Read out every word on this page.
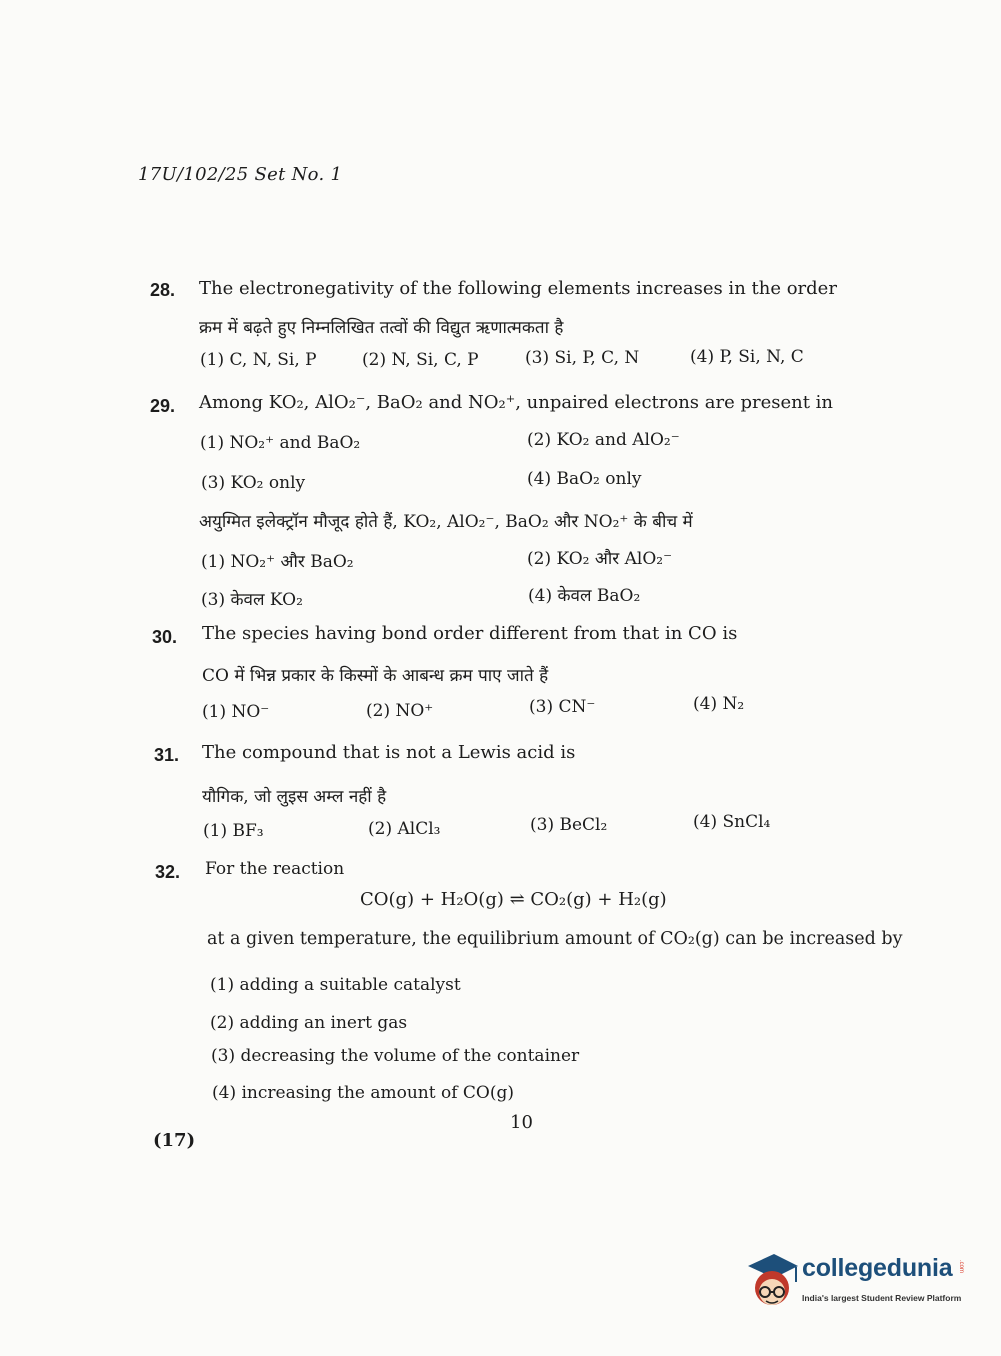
17U/102/25 Set No. 1
28. The electronegativity of the following elements increases in the order
क्रम में बढ़ते हुए निम्नलिखित तत्वों की विद्युत ऋणात्मकता है
(1) C, N, Si, P	(2) N, Si, C, P	(3) Si, P, C, N	(4) P, Si, N, C
29. Among KO₂, AlO₂⁻, BaO₂ and NO₂⁺, unpaired electrons are present in
(1) NO₂⁺ and BaO₂	(2) KO₂ and AlO₂⁻
(3) KO₂ only	(4) BaO₂ only
अयुग्मित इलेक्ट्रॉन मौजूद होते हैं, KO₂, AlO₂⁻, BaO₂ और NO₂⁺ के बीच में
(1) NO₂⁺ और BaO₂	(2) KO₂ और AlO₂⁻
(3) केवल KO₂	(4) केवल BaO₂
30. The species having bond order different from that in CO is
CO में भिन्न प्रकार के किस्मों के आबन्ध क्रम पाए जाते हैं
(1) NO⁻	(2) NO⁺	(3) CN⁻	(4) N₂
31. The compound that is not a Lewis acid is
यौगिक, जो लुइस अम्ल नहीं है
(1) BF₃	(2) AlCl₃	(3) BeCl₂	(4) SnCl₄
32. For the reaction
CO(g) + H₂O(g) ⇌ CO₂(g) + H₂(g)
at a given temperature, the equilibrium amount of CO₂(g) can be increased by
(1) adding a suitable catalyst
(2) adding an inert gas
(3) decreasing the volume of the container
(4) increasing the amount of CO(g)
10
(17)
collegedunia .com
India's largest Student Review Platform
